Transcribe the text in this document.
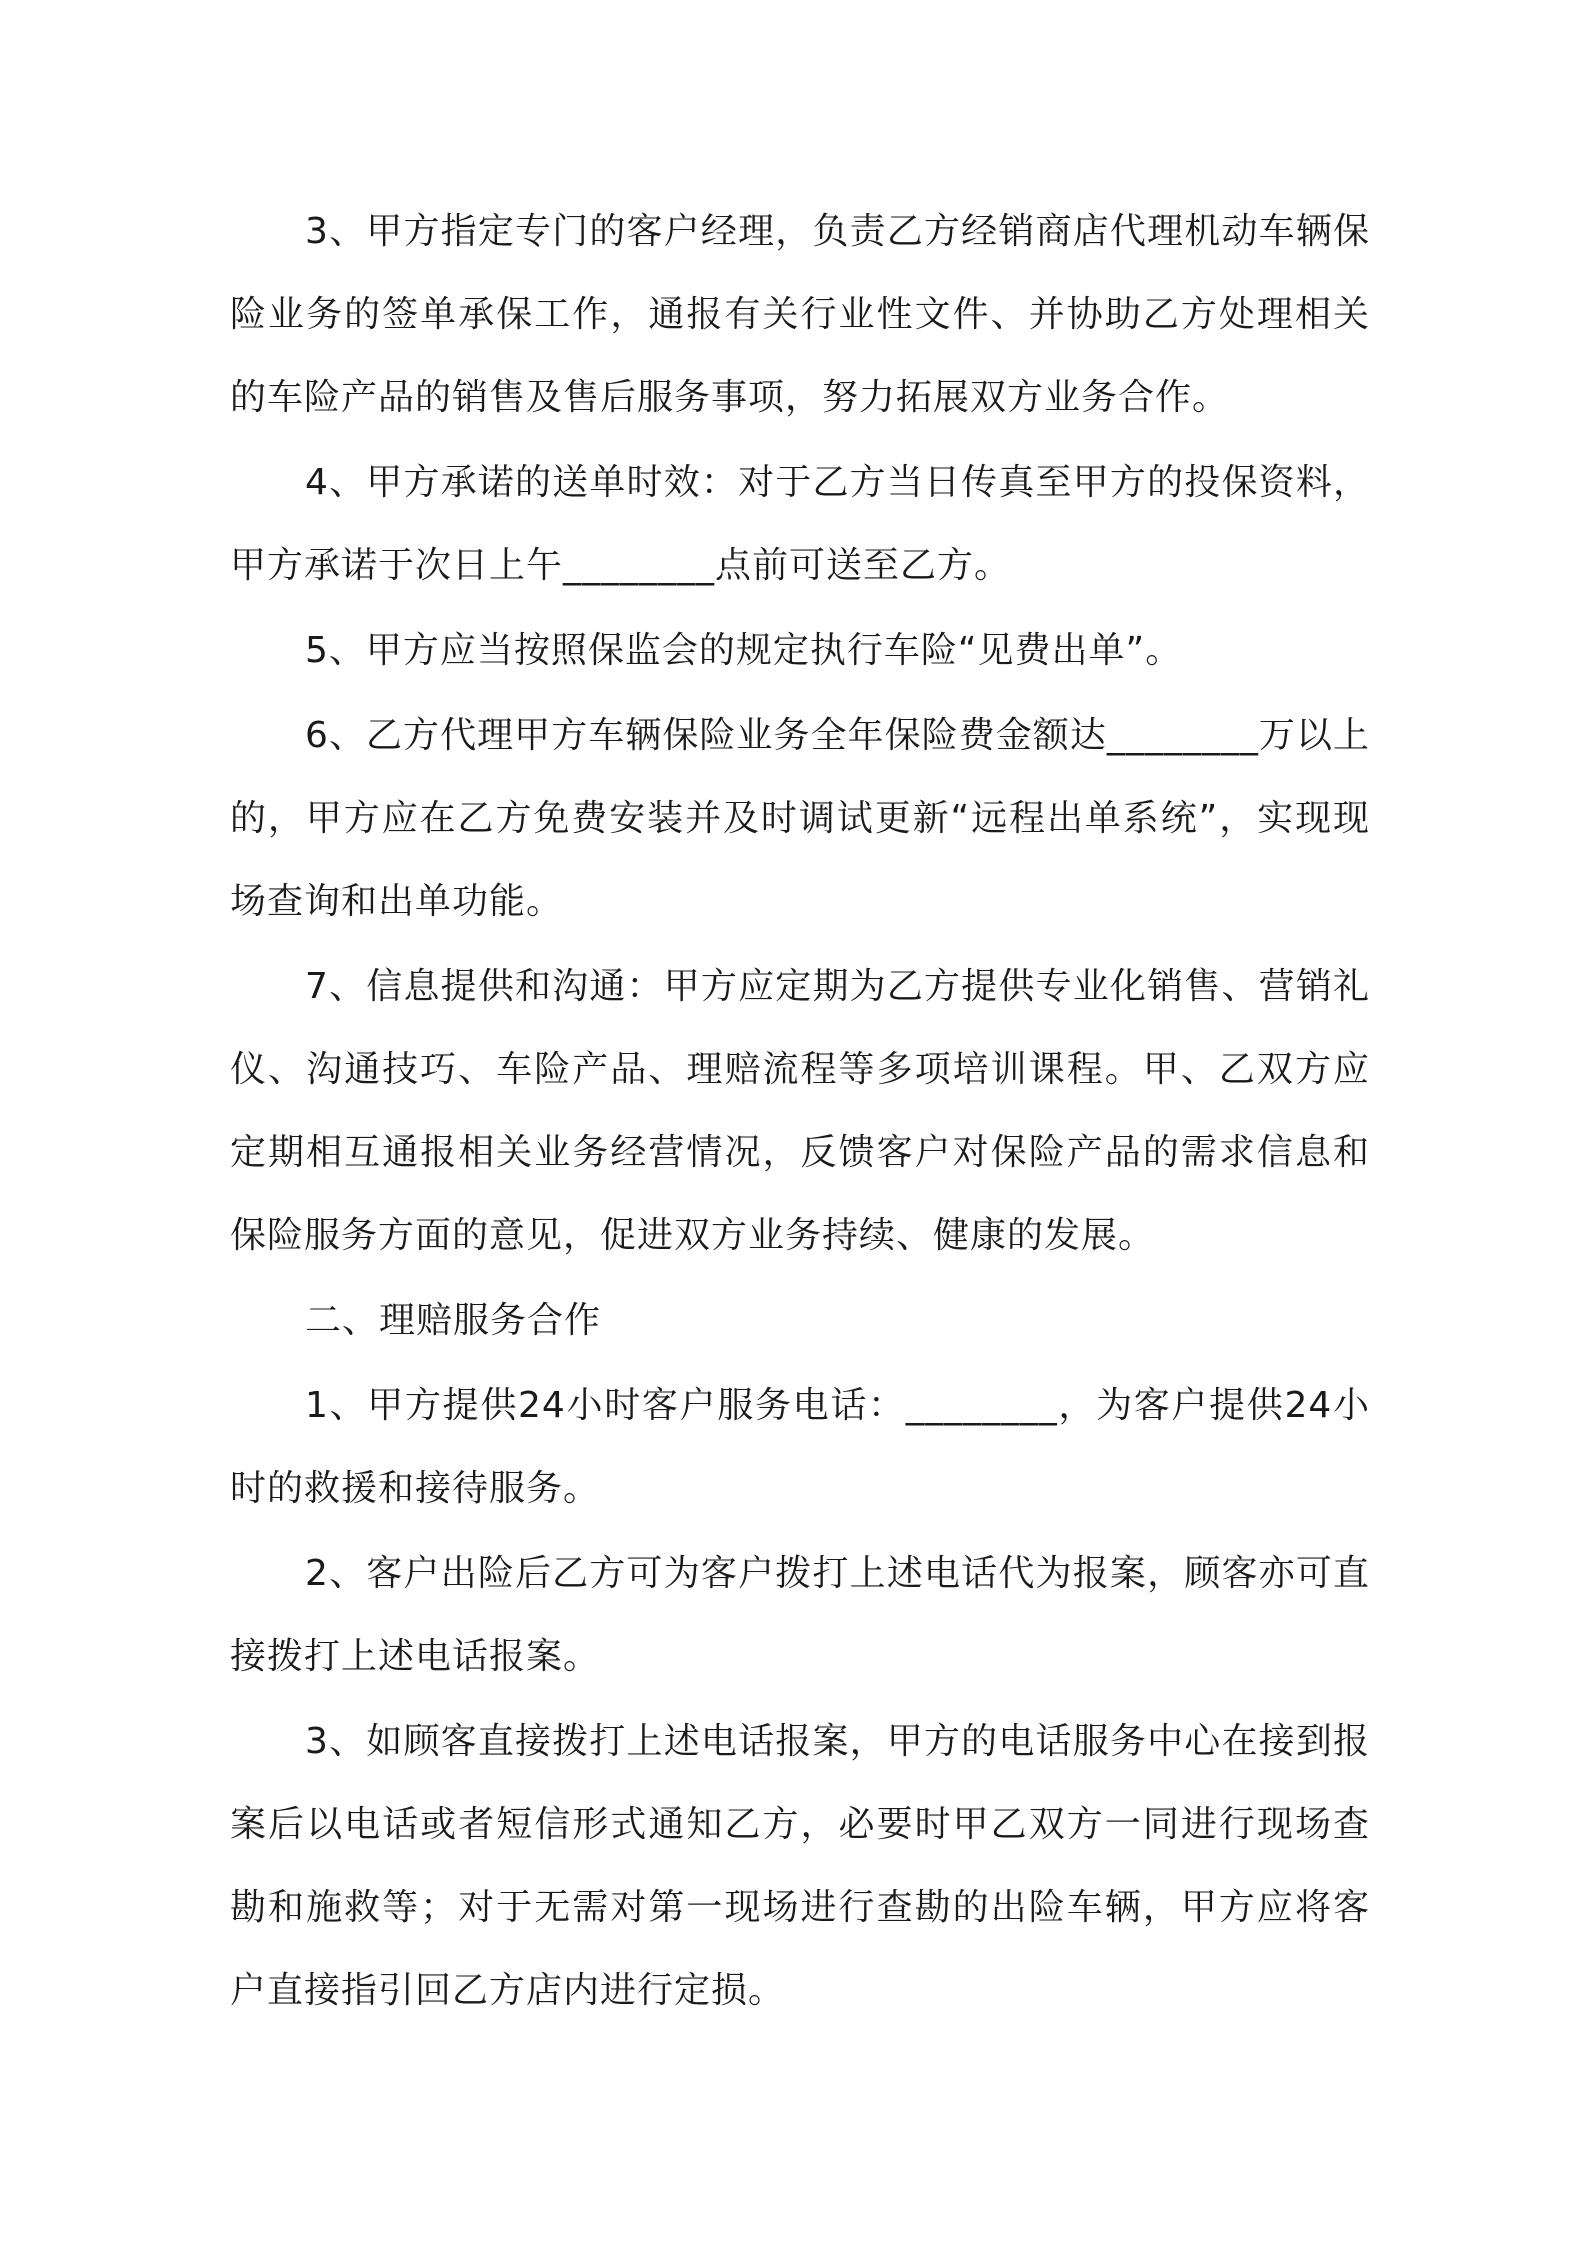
3、甲方指定专门的客户经理，负责乙方经销商店代理机动车辆保险业务的签单承保工作，通报有关行业性文件、并协助乙方处理相关的车险产品的销售及售后服务事项，努力拓展双方业务合作。

4、甲方承诺的送单时效：对于乙方当日传真至甲方的投保资料，甲方承诺于次日上午________点前可送至乙方。

5、甲方应当按照保监会的规定执行车险“见费出单”。

6、乙方代理甲方车辆保险业务全年保险费金额达________万以上的，甲方应在乙方免费安装并及时调试更新“远程出单系统”，实现现场查询和出单功能。

7、信息提供和沟通：甲方应定期为乙方提供专业化销售、营销礼仪、沟通技巧、车险产品、理赔流程等多项培训课程。甲、乙双方应定期相互通报相关业务经营情况，反馈客户对保险产品的需求信息和保险服务方面的意见，促进双方业务持续、健康的发展。

二、理赔服务合作

1、甲方提供24小时客户服务电话：________，为客户提供24小时的救援和接待服务。

2、客户出险后乙方可为客户拨打上述电话代为报案，顾客亦可直接拨打上述电话报案。

3、如顾客直接拨打上述电话报案，甲方的电话服务中心在接到报案后以电话或者短信形式通知乙方，必要时甲乙双方一同进行现场查勘和施救等；对于无需对第一现场进行查勘的出险车辆，甲方应将客户直接指引回乙方店内进行定损。
